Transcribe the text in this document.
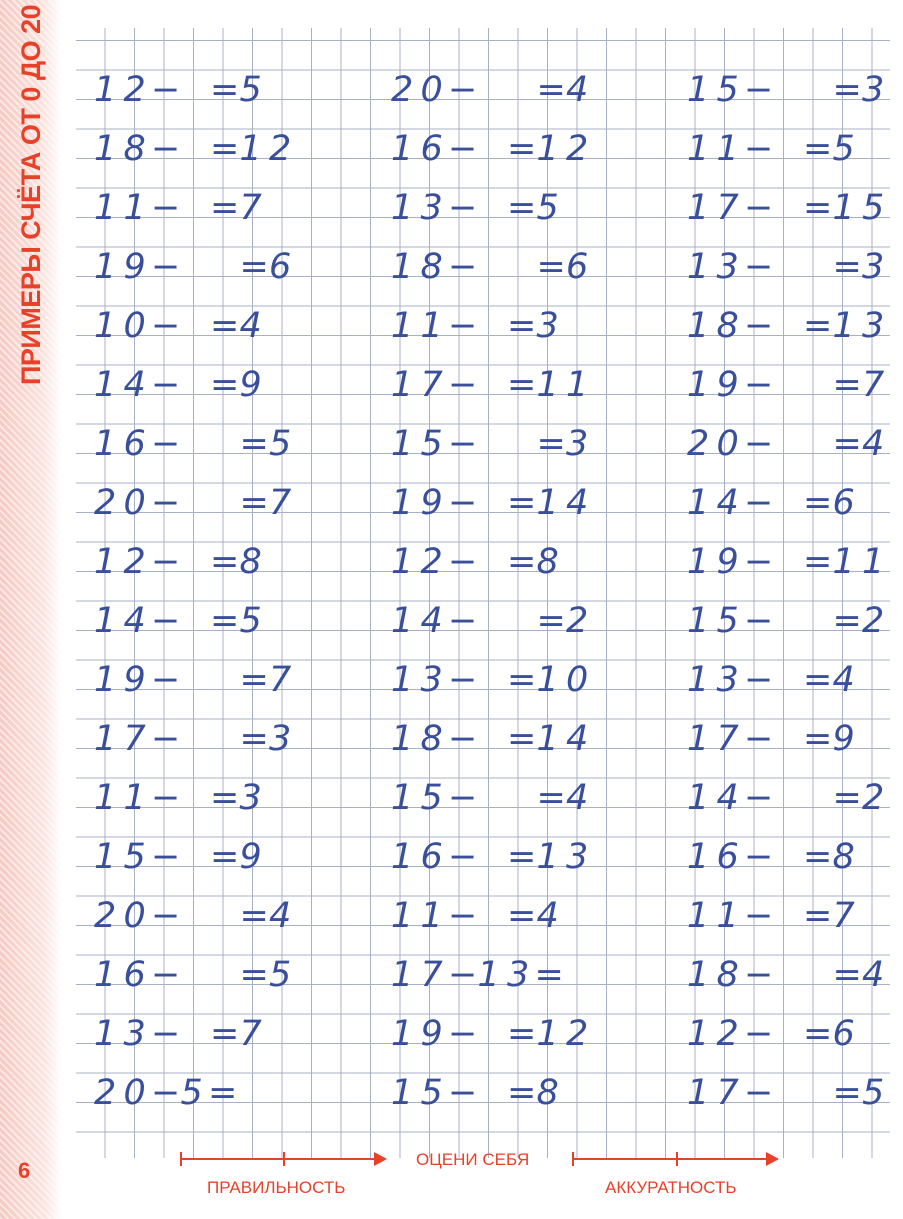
ПРИМЕРЫ СЧЁТА ОТ 0 ДО 20
6
1 2 − = 5
1 8 − = 1 2
1 1 − = 7
1 9 − = 6
1 0 − = 4
1 4 − = 9
1 6 − = 5
2 0 − = 7
1 2 − = 8
1 4 − = 5
1 9 − = 7
1 7 − = 3
1 1 − = 3
1 5 − = 9
2 0 − = 4
1 6 − = 5
1 3 − = 7
2 0 − 5 =
2 0 − = 4
1 6 − = 1 2
1 3 − = 5
1 8 − = 6
1 1 − = 3
1 7 − = 1 1
1 5 − = 3
1 9 − = 1 4
1 2 − = 8
1 4 − = 2
1 3 − = 1 0
1 8 − = 1 4
1 5 − = 4
1 6 − = 1 3
1 1 − = 4
1 7 − 1 3 =
1 9 − = 1 2
1 5 − = 8
1 5 − = 3
1 1 − = 5
1 7 − = 1 5
1 3 − = 3
1 8 − = 1 3
1 9 − = 7
2 0 − = 4
1 4 − = 6
1 9 − = 1 1
1 5 − = 2
1 3 − = 4
1 7 − = 9
1 4 − = 2
1 6 − = 8
1 1 − = 7
1 8 − = 4
1 2 − = 6
1 7 − = 5
ПРАВИЛЬНОСТЬ
ОЦЕНИ СЕБЯ
АККУРАТНОСТЬ
